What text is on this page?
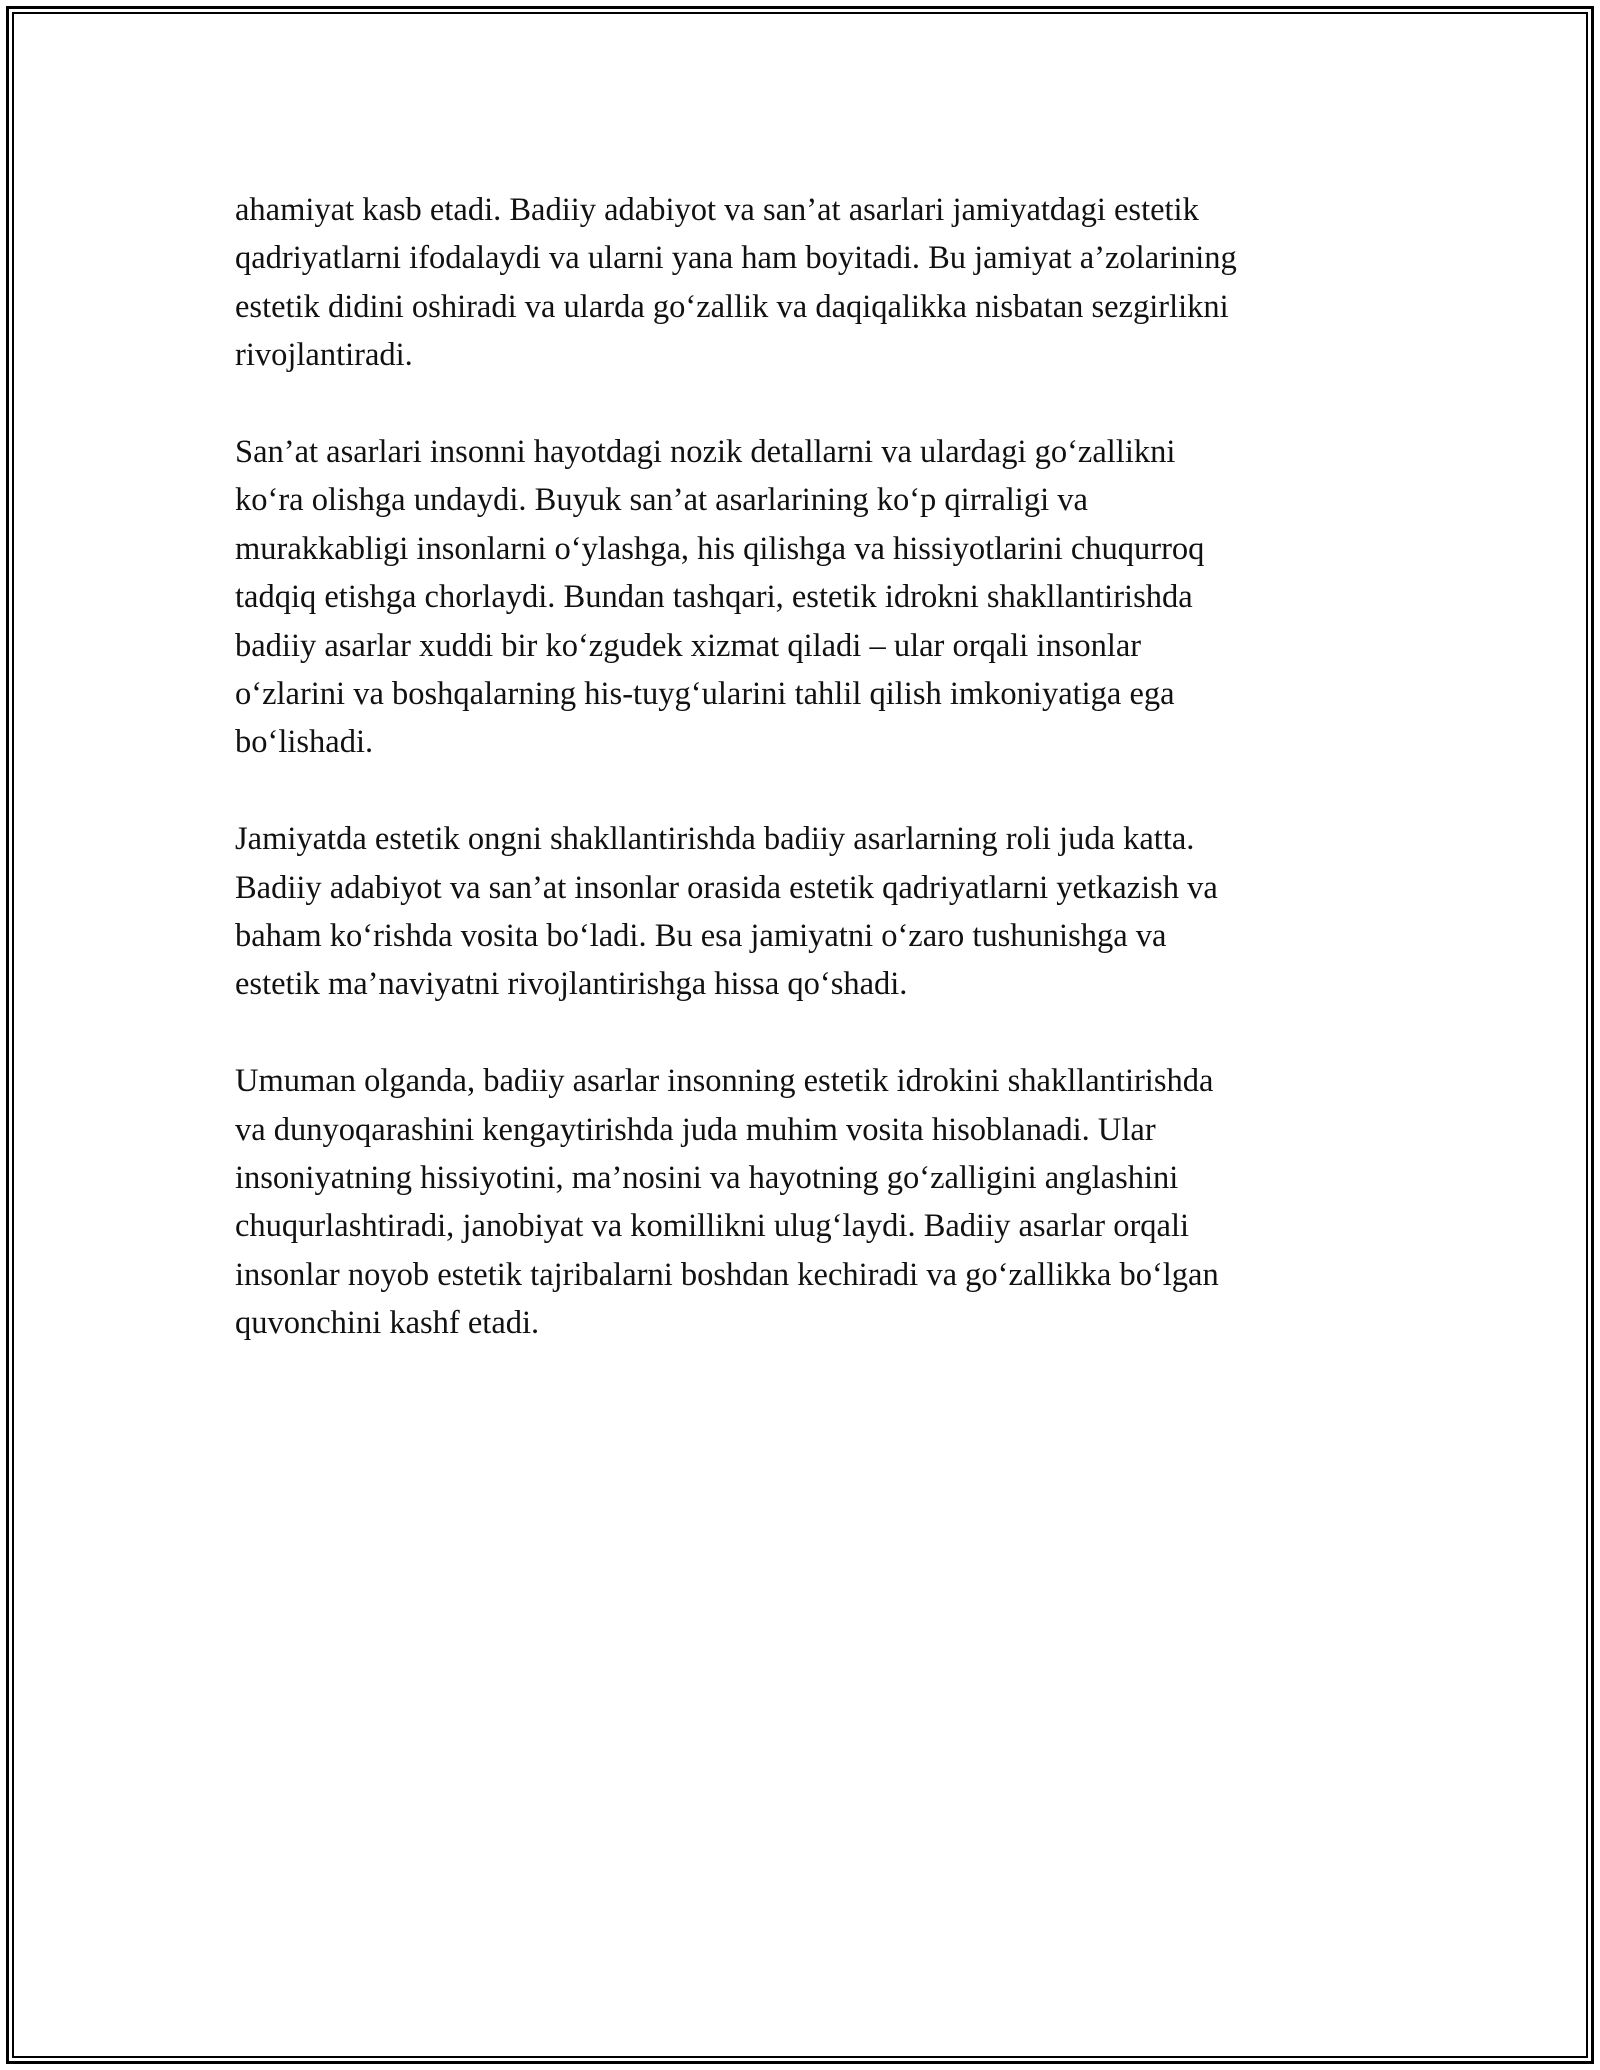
ahamiyat kasb etadi. Badiiy adabiyot va san’at asarlari jamiyatdagi estetik
qadriyatlarni ifodalaydi va ularni yana ham boyitadi. Bu jamiyat a’zolarining
estetik didini oshiradi va ularda go‘zallik va daqiqalikka nisbatan sezgirlikni
rivojlantiradi.

San’at asarlari insonni hayotdagi nozik detallarni va ulardagi go‘zallikni
ko‘ra olishga undaydi. Buyuk san’at asarlarining ko‘p qirraligi va
murakkabligi insonlarni o‘ylashga, his qilishga va hissiyotlarini chuqurroq
tadqiq etishga chorlaydi. Bundan tashqari, estetik idrokni shakllantirishda
badiiy asarlar xuddi bir ko‘zgudek xizmat qiladi – ular orqali insonlar
o‘zlarini va boshqalarning his-tuyg‘ularini tahlil qilish imkoniyatiga ega
bo‘lishadi.

Jamiyatda estetik ongni shakllantirishda badiiy asarlarning roli juda katta.
Badiiy adabiyot va san’at insonlar orasida estetik qadriyatlarni yetkazish va
baham ko‘rishda vosita bo‘ladi. Bu esa jamiyatni o‘zaro tushunishga va
estetik ma’naviyatni rivojlantirishga hissa qo‘shadi.

Umuman olganda, badiiy asarlar insonning estetik idrokini shakllantirishda
va dunyoqarashini kengaytirishda juda muhim vosita hisoblanadi. Ular
insoniyatning hissiyotini, ma’nosini va hayotning go‘zalligini anglashini
chuqurlashtiradi, janobiyat va komillikni ulug‘laydi. Badiiy asarlar orqali
insonlar noyob estetik tajribalarni boshdan kechiradi va go‘zallikka bo‘lgan
quvonchini kashf etadi.
